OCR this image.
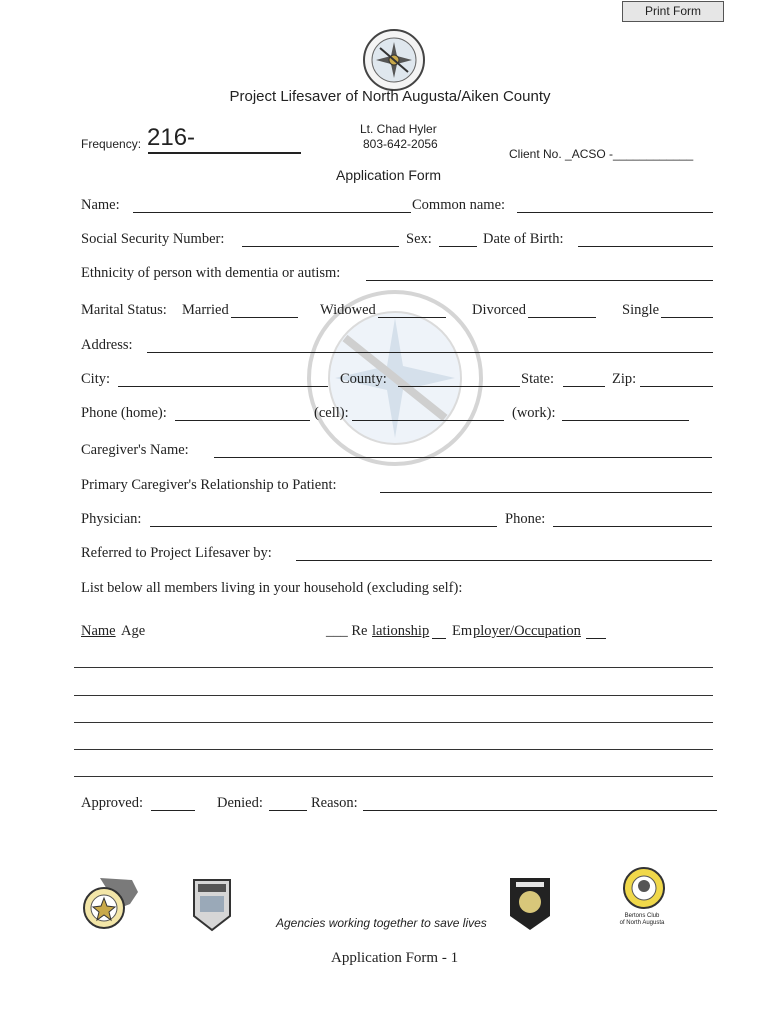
Print Form
Project Lifesaver of North Augusta/Aiken County
Frequency: 216-	Lt. Chad Hyler
803-642-2056
Client No. _ACSO -____________
Application Form
Name:	Common name:
Social Security Number:	Sex:	Date of Birth:
Ethnicity of person with dementia or autism:
Marital Status: Married	Widowed	Divorced	Single
Address:
City:	County:	State:	Zip:
Phone (home):	(cell):	(work):
Caregiver's Name:
Primary Caregiver's Relationship to Patient:
Physician:	Phone:
Referred to Project Lifesaver by:
List below all members living in your household (excluding self):
Name Age	___ Re lationship Em ployer/Occupation
Approved:	Denied:	Reason:
Bertons Club
of North Augusta
Agencies working together to save lives
Application Form - 1
